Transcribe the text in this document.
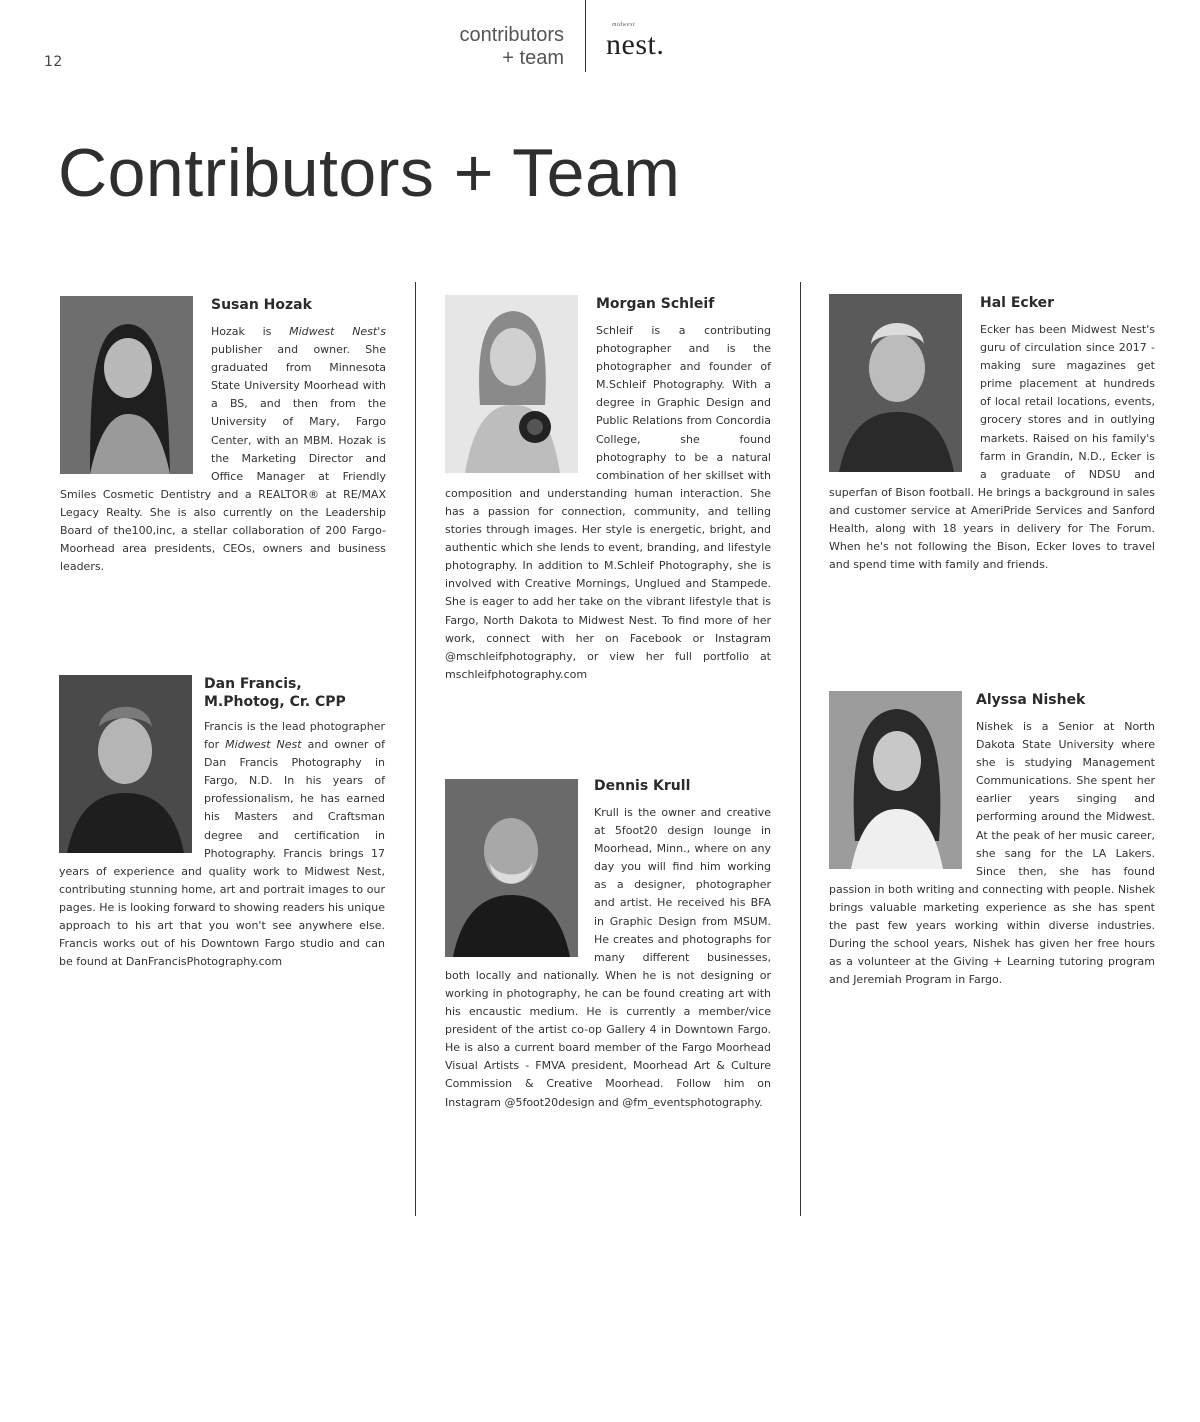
12
contributors
+ team
midwest
nest.
Contributors + Team
Susan Hozak
Hozak is Midwest Nest's publisher and owner. She graduated from Minnesota State University Moorhead with a BS, and then from the University of Mary, Fargo Center, with an MBM. Hozak is the Marketing Director and Office Manager at Friendly Smiles Cosmetic Dentistry and a REALTOR® at RE/MAX Legacy Realty. She is also currently on the Leadership Board of the100,inc, a stellar collaboration of 200 Fargo-Moorhead area presidents, CEOs, owners and business leaders.
Morgan Schleif
Schleif is a contributing photographer and is the photographer and founder of M.Schleif Photography. With a degree in Graphic Design and Public Relations from Concordia College, she found photography to be a natural combination of her skillset with composition and understanding human interaction. She has a passion for connection, community, and telling stories through images. Her style is energetic, bright, and authentic which she lends to event, branding, and lifestyle photography. In addition to M.Schleif Photography, she is involved with Creative Mornings, Unglued and Stampede. She is eager to add her take on the vibrant lifestyle that is Fargo, North Dakota to Midwest Nest. To find more of her work, connect with her on Facebook or Instagram @mschleifphotography, or view her full portfolio at mschleifphotography.com
Hal Ecker
Ecker has been Midwest Nest's guru of circulation since 2017 - making sure magazines get prime placement at hundreds of local retail locations, events, grocery stores and in outlying markets. Raised on his family's farm in Grandin, N.D., Ecker is a graduate of NDSU and superfan of Bison football. He brings a background in sales and customer service at AmeriPride Services and Sanford Health, along with 18 years in delivery for The Forum. When he's not following the Bison, Ecker loves to travel and spend time with family and friends.
Dan Francis,
M.Photog, Cr. CPP
Francis is the lead photographer for Midwest Nest and owner of Dan Francis Photography in Fargo, N.D. In his years of professionalism, he has earned his Masters and Craftsman degree and certification in Photography. Francis brings 17 years of experience and quality work to Midwest Nest, contributing stunning home, art and portrait images to our pages. He is looking forward to showing readers his unique approach to his art that you won't see anywhere else. Francis works out of his Downtown Fargo studio and can be found at DanFrancisPhotography.com
Dennis Krull
Krull is the owner and creative at 5foot20 design lounge in Moorhead, Minn., where on any day you will find him working as a designer, photographer and artist. He received his BFA in Graphic Design from MSUM. He creates and photographs for many different businesses, both locally and nationally. When he is not designing or working in photography, he can be found creating art with his encaustic medium. He is currently a member/vice president of the artist co-op Gallery 4 in Downtown Fargo. He is also a current board member of the Fargo Moorhead Visual Artists - FMVA president, Moorhead Art & Culture Commission & Creative Moorhead. Follow him on Instagram @5foot20design and @fm_eventsphotography.
Alyssa Nishek
Nishek is a Senior at North Dakota State University where she is studying Management Communications. She spent her earlier years singing and performing around the Midwest. At the peak of her music career, she sang for the LA Lakers. Since then, she has found passion in both writing and connecting with people. Nishek brings valuable marketing experience as she has spent the past few years working within diverse industries. During the school years, Nishek has given her free hours as a volunteer at the Giving + Learning tutoring program and Jeremiah Program in Fargo.
